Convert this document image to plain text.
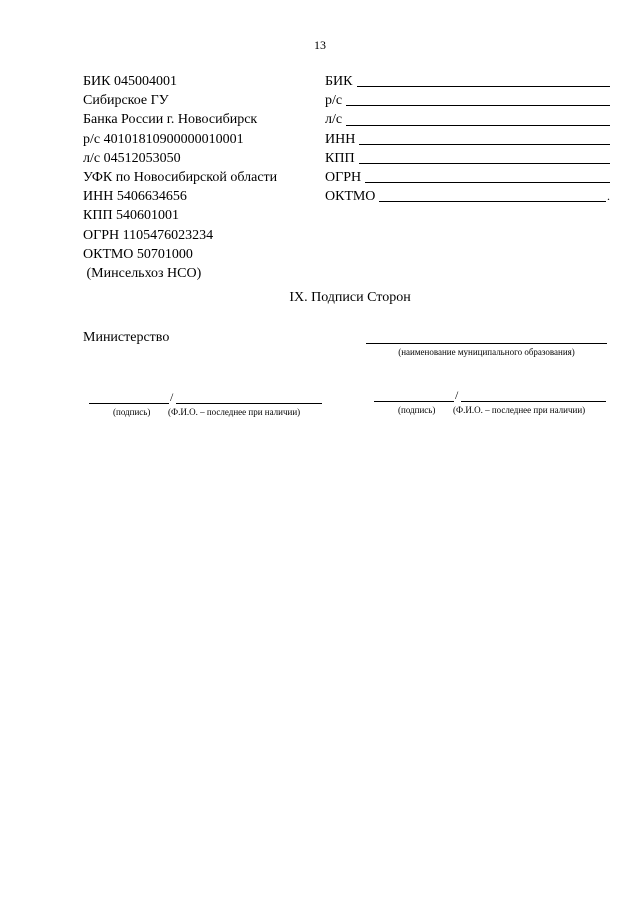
13
БИК 045004001
Сибирское ГУ
Банка России г. Новосибирск
р/с 40101810900000010001
л/с 04512053050
УФК по Новосибирской области
ИНН 5406634656
КПП 540601001
ОГРН 1105476023234
ОКТМО 50701000
(Минсельхоз НСО)
БИК
р/с
л/с
ИНН
КПП
ОГРН
ОКТМО	.
IX. Подписи Сторон
Министерство
(наименование муниципального образования)
/
(подпись) (Ф.И.О. – последнее при наличии)
/
(подпись) (Ф.И.О. – последнее при наличии)
